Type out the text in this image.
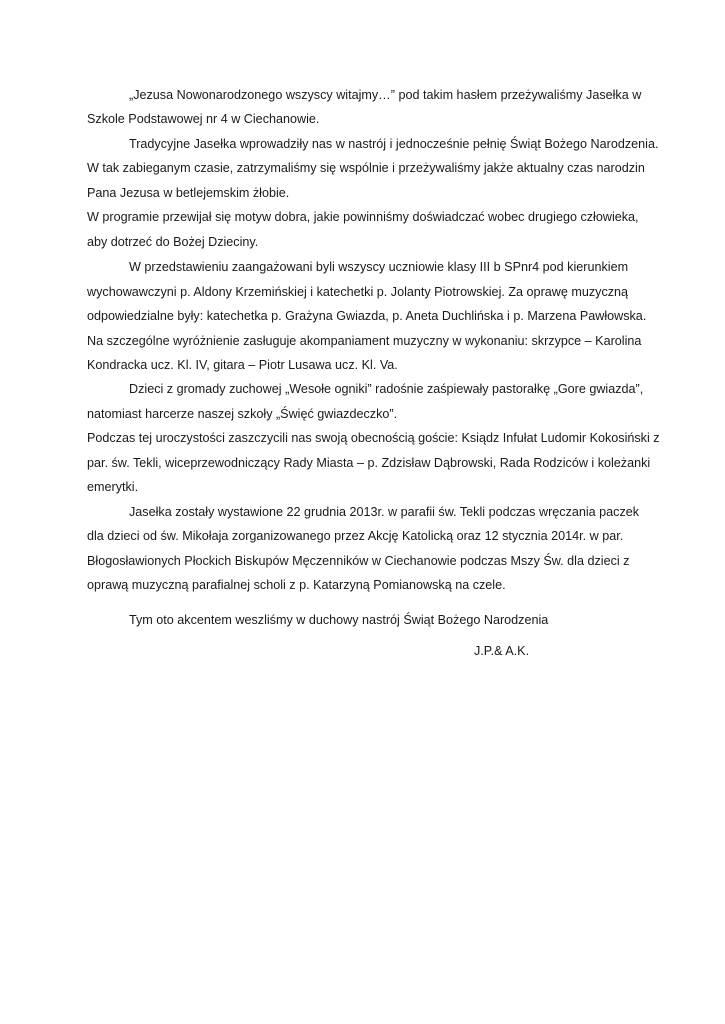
„Jezusa Nowonarodzonego wszyscy witajmy…” pod takim hasłem przeżywaliśmy Jasełka w
Szkole Podstawowej nr 4 w Ciechanowie.
Tradycyjne Jasełka wprowadziły nas w nastrój i jednocześnie pełnię Świąt Bożego Narodzenia.
W tak zabieganym czasie, zatrzymaliśmy się wspólnie i przeżywaliśmy jakże aktualny czas narodzin
Pana Jezusa w betlejemskim żłobie.
W programie przewijał się motyw dobra, jakie powinniśmy doświadczać wobec drugiego człowieka,
aby dotrzeć do Bożej Dzieciny.
W przedstawieniu zaangażowani byli wszyscy uczniowie klasy III b SPnr4 pod kierunkiem
wychowawczyni p. Aldony Krzemińskiej i katechetki p. Jolanty Piotrowskiej. Za oprawę muzyczną
odpowiedzialne były: katechetka p. Grażyna Gwiazda, p. Aneta Duchlińska i p. Marzena Pawłowska.
Na szczególne wyróżnienie zasługuje akompaniament muzyczny w wykonaniu: skrzypce – Karolina
Kondracka ucz. Kl. IV, gitara – Piotr Lusawa ucz. Kl. Va.
Dzieci z gromady zuchowej „Wesołe ogniki” radośnie zaśpiewały pastorałkę „Gore gwiazda”,
natomiast harcerze naszej szkoły „Święć gwiazdeczko”.
Podczas tej uroczystości zaszczycili nas swoją obecnością goście: Ksiądz Infułat Ludomir Kokosiński z
par. św. Tekli, wiceprzewodniczący Rady Miasta – p. Zdzisław Dąbrowski, Rada Rodziców i koleżanki
emerytki.
Jasełka zostały wystawione 22 grudnia 2013r. w parafii św. Tekli podczas wręczania paczek
dla dzieci od św. Mikołaja zorganizowanego przez Akcję Katolicką oraz 12 stycznia 2014r. w par.
Błogosławionych Płockich Biskupów Męczenników w Ciechanowie podczas Mszy Św. dla dzieci z
oprawą muzyczną parafialnej scholi z p. Katarzyną Pomianowską na czele.
Tym oto akcentem weszliśmy w duchowy nastrój Świąt Bożego Narodzenia
J.P.& A.K.
